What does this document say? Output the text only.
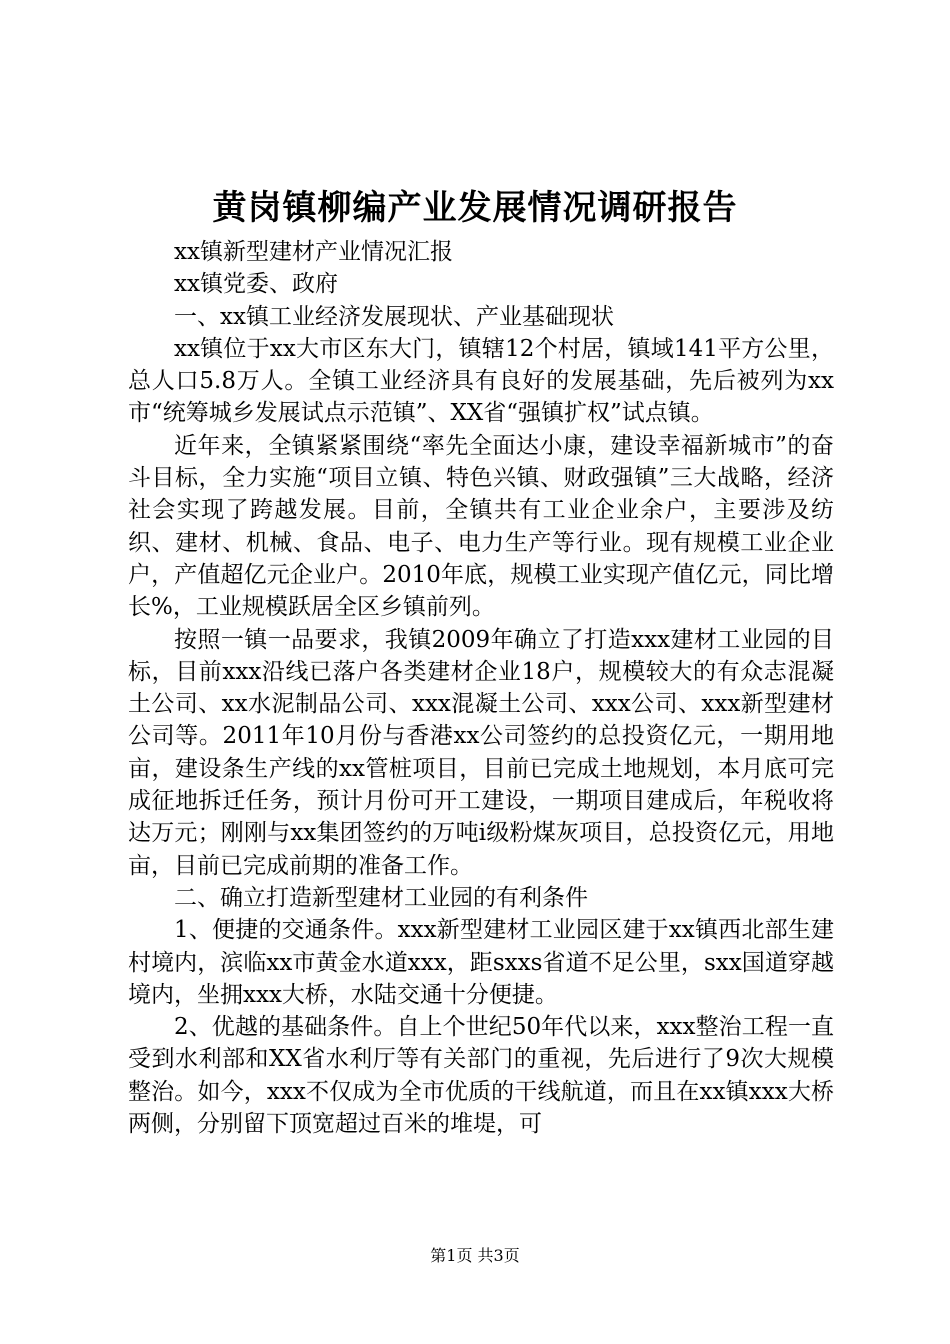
黄岗镇柳编产业发展情况调研报告

xx镇新型建材产业情况汇报

xx镇党委、政府

一、xx镇工业经济发展现状、产业基础现状

xx镇位于xx大市区东大门，镇辖12个村居，镇域141平方公里，总人口5.8万人。全镇工业经济具有良好的发展基础，先后被列为xx市“统筹城乡发展试点示范镇”、XX省“强镇扩权”试点镇。

近年来，全镇紧紧围绕“率先全面达小康，建设幸福新城市”的奋斗目标，全力实施“项目立镇、特色兴镇、财政强镇”三大战略，经济社会实现了跨越发展。目前，全镇共有工业企业余户，主要涉及纺织、建材、机械、食品、电子、电力生产等行业。现有规模工业企业户，产值超亿元企业户。2010年底，规模工业实现产值亿元，同比增长%，工业规模跃居全区乡镇前列。

按照一镇一品要求，我镇2009年确立了打造xxx建材工业园的目标，目前xxx沿线已落户各类建材企业18户，规模较大的有众志混凝土公司、xx水泥制品公司、xxx混凝土公司、xxx公司、xxx新型建材公司等。2011年10月份与香港xx公司签约的总投资亿元，一期用地亩，建设条生产线的xx管桩项目，目前已完成土地规划，本月底可完成征地拆迁任务，预计月份可开工建设，一期项目建成后，年税收将达万元；刚刚与xx集团签约的万吨i级粉煤灰项目，总投资亿元，用地亩，目前已完成前期的准备工作。

二、确立打造新型建材工业园的有利条件

1、便捷的交通条件。xxx新型建材工业园区建于xx镇西北部生建村境内，滨临xx市黄金水道xxx，距sxxs省道不足公里，sxx国道穿越境内，坐拥xxx大桥，水陆交通十分便捷。

2、优越的基础条件。自上个世纪50年代以来，xxx整治工程一直受到水利部和XX省水利厅等有关部门的重视，先后进行了9次大规模整治。如今，xxx不仅成为全市优质的干线航道，而且在xx镇xxx大桥两侧，分别留下顶宽超过百米的堆堤，可

第1页 共3页
